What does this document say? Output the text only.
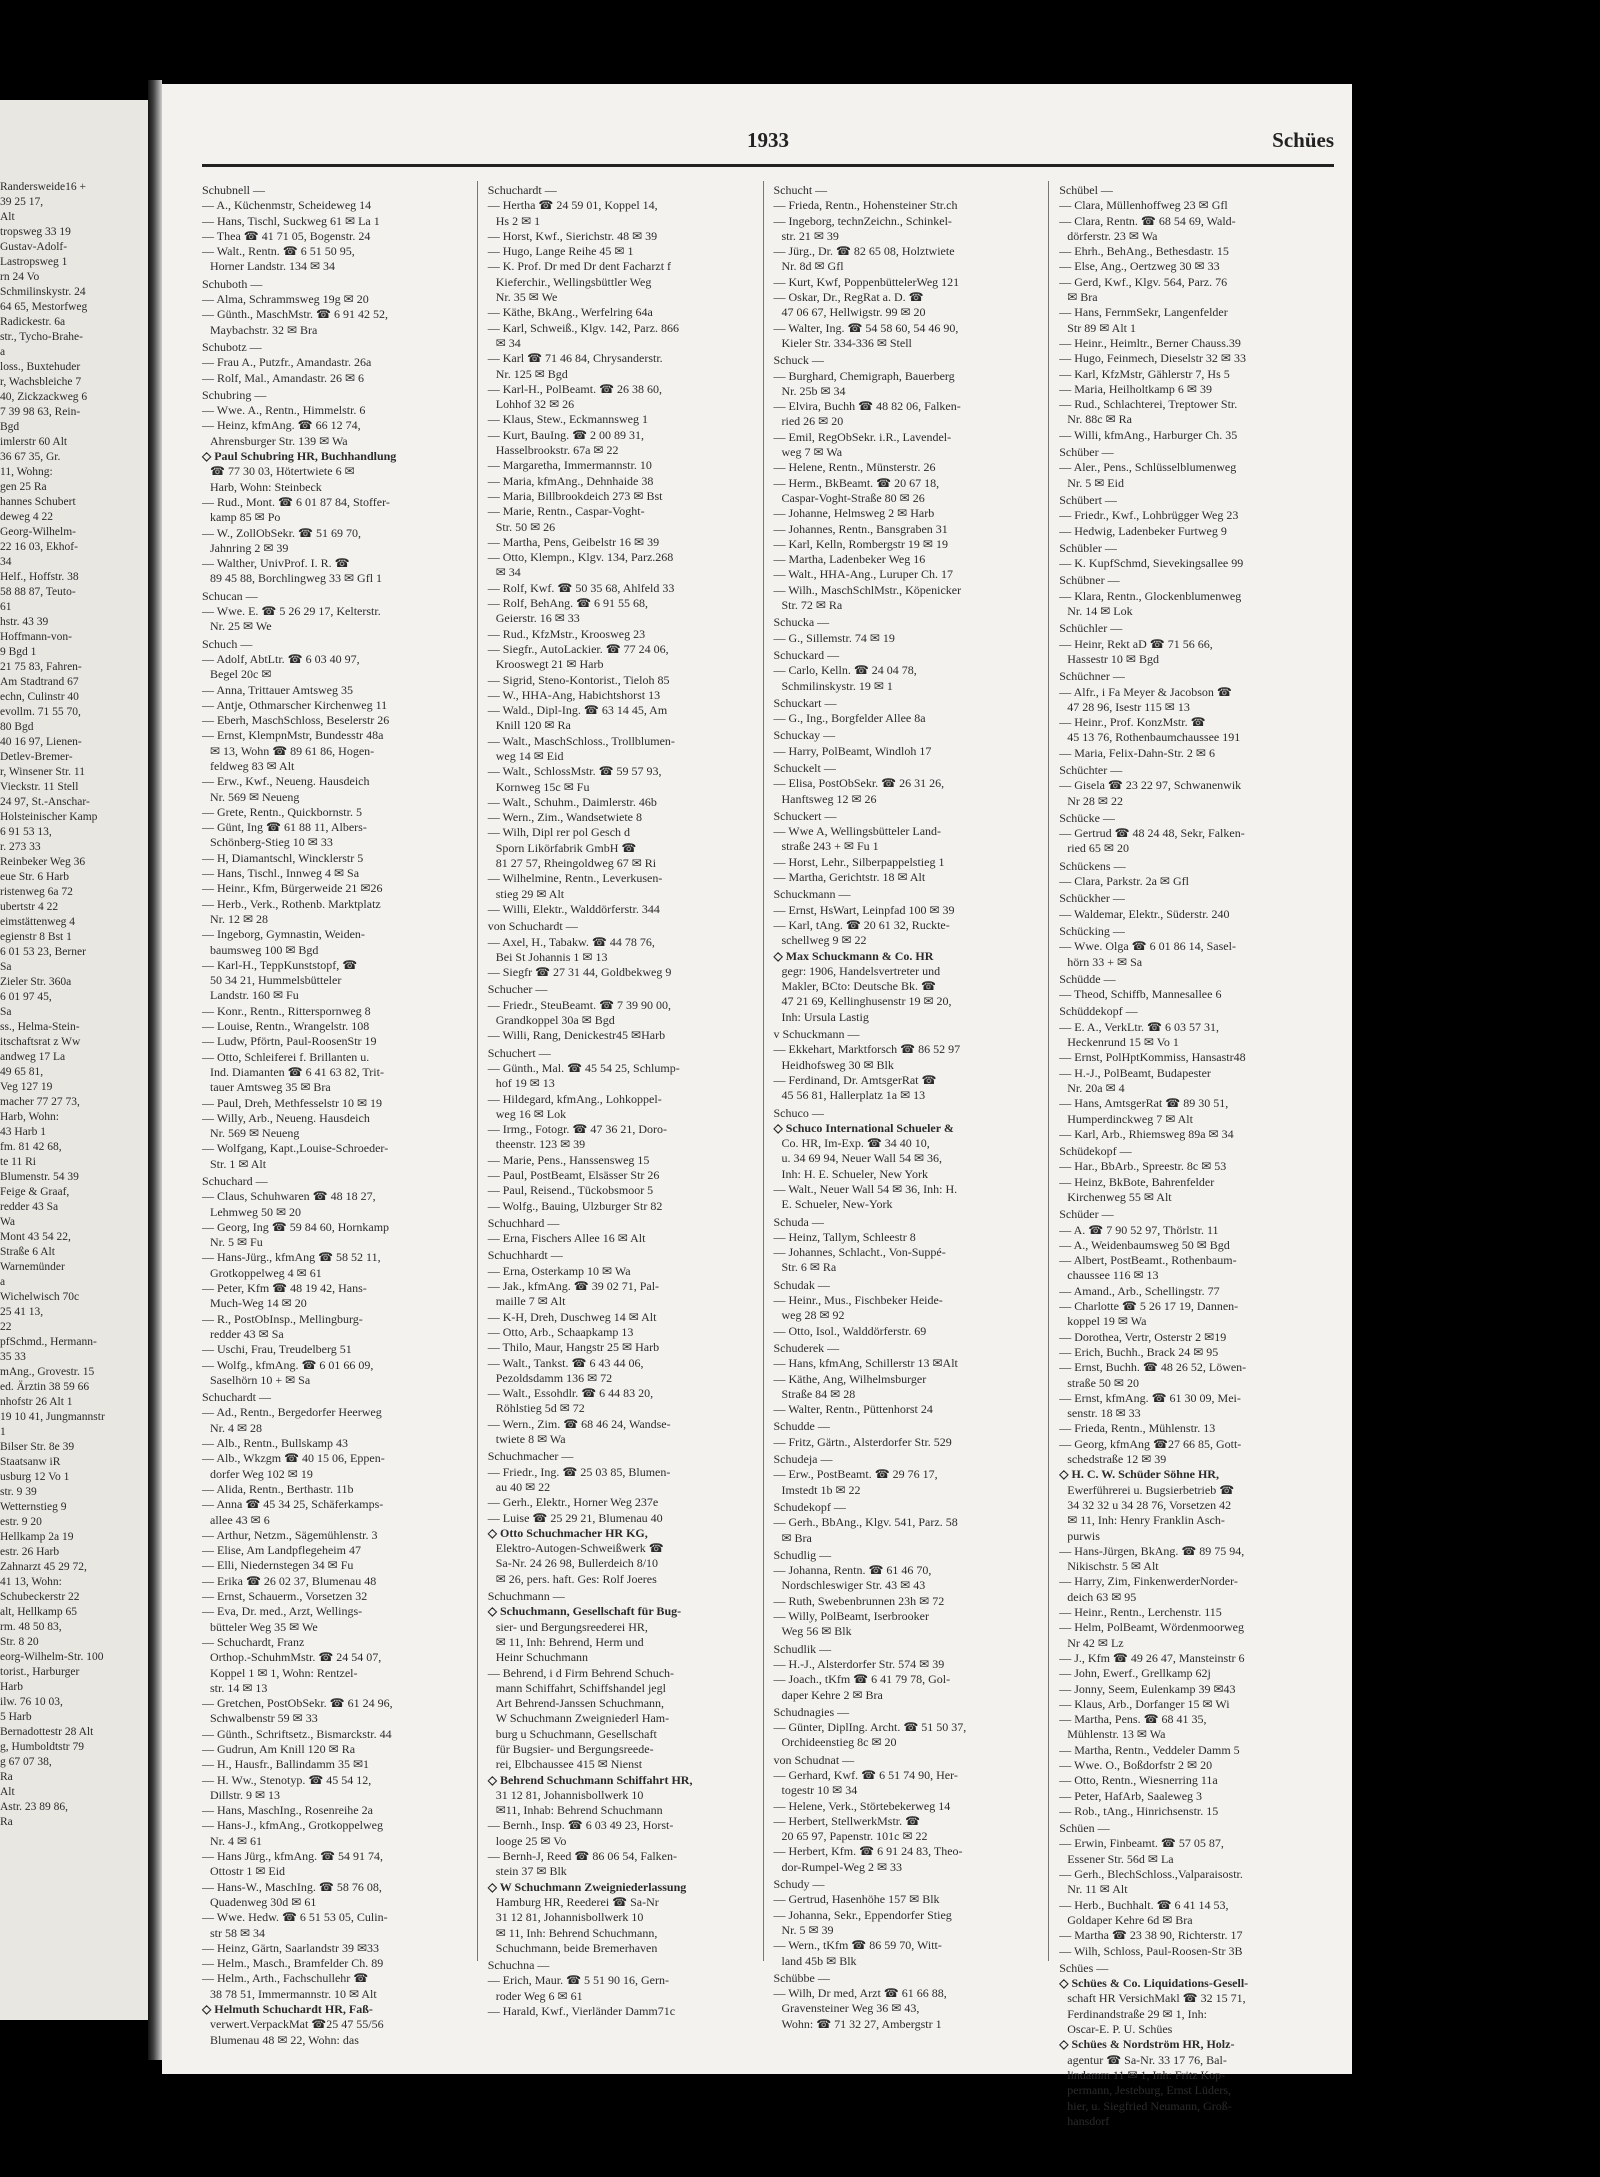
Randersweide16 +
39 25 17,
Alt
tropsweg 33 19
Gustav-Adolf-
Lastropsweg 1
rn 24 Vo
Schmilinskystr. 24
64 65, Mestorfweg
Radickestr. 6a
str., Tycho-Brahe-
a
loss., Buxtehuder
r, Wachsbleiche 7
40, Zickzackweg 6
7 39 98 63, Rein-
Bgd
imlerstr 60 Alt
36 67 35, Gr.
11, Wohng:
gen 25 Ra
hannes Schubert
deweg 4 22
Georg-Wilhelm-
22 16 03, Ekhof-
34
Helf., Hoffstr. 38
58 88 87, Teuto-
61
hstr. 43 39
Hoffmann-von-
9 Bgd 1
21 75 83, Fahren-
Am Stadtrand 67
echn, Culinstr 40
evollm. 71 55 70,
80 Bgd
40 16 97, Lienen-
Detlev-Bremer-
r, Winsener Str. 11
Vieckstr. 11 Stell
24 97, St.-Anschar-
Holsteinischer Kamp
6 91 53 13,
r. 273 33
Reinbeker Weg 36
eue Str. 6 Harb
ristenweg 6a 72
ubertstr 4 22
eimstättenweg 4
egienstr 8 Bst 1
6 01 53 23, Berner
Sa
Zieler Str. 360a
6 01 97 45,
Sa
ss., Helma-Stein-
itschaftsrat z Ww
andweg 17 La
49 65 81,
Veg 127 19
macher 77 27 73,
Harb, Wohn:
43 Harb 1
fm. 81 42 68,
te 11 Ri
Blumenstr. 54 39
Feige & Graaf,
redder 43 Sa
Wa
Mont 43 54 22,
Straße 6 Alt
Warnemünder
a
Wichelwisch 70c
25 41 13,
22
pfSchmd., Hermann-
35 33
mAng., Grovestr. 15
ed. Ärztin 38 59 66
nhofstr 26 Alt 1
19 10 41, Jungmannstr
1
Bilser Str. 8e 39
Staatsanw iR
usburg 12 Vo 1
str. 9 39
Wetternstieg 9
estr. 9 20
Hellkamp 2a 19
estr. 26 Harb
Zahnarzt 45 29 72,
41 13, Wohn:
Schubeckerstr 22
alt, Hellkamp 65
rm. 48 50 83,
Str. 8 20
eorg-Wilhelm-Str. 100
torist., Harburger
Harb
ilw. 76 10 03,
5 Harb
Bernadottestr 28 Alt
g, Humboldtstr 79
g 67 07 38,
Ra
Alt
Astr. 23 89 86,
Ra
1933	Schües
Schubnell —
— A., Küchenmstr, Scheideweg 14
— Hans, Tischl, Suckweg 61 ✉ La 1
— Thea ☎ 41 71 05, Bogenstr. 24
— Walt., Rentn. ☎ 6 51 50 95,
Horner Landstr. 134 ✉ 34
Schuboth —
— Alma, Schrammsweg 19g ✉ 20
— Günth., MaschMstr. ☎ 6 91 42 52,
Maybachstr. 32 ✉ Bra
Schubotz —
— Frau A., Putzfr., Amandastr. 26a
— Rolf, Mal., Amandastr. 26 ✉ 6
Schubring —
— Wwe. A., Rentn., Himmelstr. 6
— Heinz, kfmAng. ☎ 66 12 74,
Ahrensburger Str. 139 ✉ Wa
◇ Paul Schubring HR, Buchhandlung
☎ 77 30 03, Hötertwiete 6 ✉
Harb, Wohn: Steinbeck
— Rud., Mont. ☎ 6 01 87 84, Stoffer-
kamp 85 ✉ Po
— W., ZollObSekr. ☎ 51 69 70,
Jahnring 2 ✉ 39
— Walther, UnivProf. I. R. ☎
89 45 88, Borchlingweg 33 ✉ Gfl 1
Schucan —
— Wwe. E. ☎ 5 26 29 17, Kelterstr.
Nr. 25 ✉ We
Schuch —
— Adolf, AbtLtr. ☎ 6 03 40 97,
Begel 20c ✉
— Anna, Trittauer Amtsweg 35
— Antje, Othmarscher Kirchenweg 11
— Eberh, MaschSchloss, Beselerstr 26
— Ernst, KlempnMstr, Bundesstr 48a
✉ 13, Wohn ☎ 89 61 86, Hogen-
feldweg 83 ✉ Alt
— Erw., Kwf., Neueng. Hausdeich
Nr. 569 ✉ Neueng
— Grete, Rentn., Quickbornstr. 5
— Günt, Ing ☎ 61 88 11, Albers-
Schönberg-Stieg 10 ✉ 33
— H, Diamantschl, Wincklerstr 5
— Hans, Tischl., Innweg 4 ✉ Sa
— Heinr., Kfm, Bürgerweide 21 ✉26
— Herb., Verk., Rothenb. Marktplatz
Nr. 12 ✉ 28
— Ingeborg, Gymnastin, Weiden-
baumsweg 100 ✉ Bgd
— Karl-H., TeppKunststopf, ☎
50 34 21, Hummelsbütteler
Landstr. 160 ✉ Fu
— Konr., Rentn., Ritterspornweg 8
— Louise, Rentn., Wrangelstr. 108
— Ludw, Pförtn, Paul-RoosenStr 19
— Otto, Schleiferei f. Brillanten u.
Ind. Diamanten ☎ 6 41 63 82, Trit-
tauer Amtsweg 35 ✉ Bra
— Paul, Dreh, Methfesselstr 10 ✉ 19
— Willy, Arb., Neueng. Hausdeich
Nr. 569 ✉ Neueng
— Wolfgang, Kapt.,Louise-Schroeder-
Str. 1 ✉ Alt
Schuchard —
— Claus, Schuhwaren ☎ 48 18 27,
Lehmweg 50 ✉ 20
— Georg, Ing ☎ 59 84 60, Hornkamp
Nr. 5 ✉ Fu
— Hans-Jürg., kfmAng ☎ 58 52 11,
Grotkoppelweg 4 ✉ 61
— Peter, Kfm ☎ 48 19 42, Hans-
Much-Weg 14 ✉ 20
— R., PostObInsp., Mellingburg-
redder 43 ✉ Sa
— Uschi, Frau, Treudelberg 51
— Wolfg., kfmAng. ☎ 6 01 66 09,
Saselhörn 10 + ✉ Sa
Schuchardt —
— Ad., Rentn., Bergedorfer Heerweg
Nr. 4 ✉ 28
— Alb., Rentn., Bullskamp 43
— Alb., Wkzgm ☎ 40 15 06, Eppen-
dorfer Weg 102 ✉ 19
— Alida, Rentn., Berthastr. 11b
— Anna ☎ 45 34 25, Schäferkamps-
allee 43 ✉ 6
— Arthur, Netzm., Sägemühlenstr. 3
— Elise, Am Landpflegeheim 47
— Elli, Niedernstegen 34 ✉ Fu
— Erika ☎ 26 02 37, Blumenau 48
— Ernst, Schauerm., Vorsetzen 32
— Eva, Dr. med., Arzt, Wellings-
bütteler Weg 35 ✉ We
— Schuchardt, Franz
Orthop.-SchuhmMstr. ☎ 24 54 07,
Koppel 1 ✉ 1, Wohn: Rentzel-
str. 14 ✉ 13
— Gretchen, PostObSekr. ☎ 61 24 96,
Schwalbenstr 59 ✉ 33
— Günth., Schriftsetz., Bismarckstr. 44
— Gudrun, Am Knill 120 ✉ Ra
— H., Hausfr., Ballindamm 35 ✉1
— H. Ww., Stenotyp. ☎ 45 54 12,
Dillstr. 9 ✉ 13
— Hans, MaschIng., Rosenreihe 2a
— Hans-J., kfmAng., Grotkoppelweg
Nr. 4 ✉ 61
— Hans Jürg., kfmAng. ☎ 54 91 74,
Ottostr 1 ✉ Eid
— Hans-W., MaschIng. ☎ 58 76 08,
Quadenweg 30d ✉ 61
— Wwe. Hedw. ☎ 6 51 53 05, Culin-
str 58 ✉ 34
— Heinz, Gärtn, Saarlandstr 39 ✉33
— Helm., Masch., Bramfelder Ch. 89
— Helm., Arth., Fachschullehr ☎
38 78 51, Immermannstr. 10 ✉ Alt
◇ Helmuth Schuchardt HR, Faß-
verwert.VerpackMat ☎25 47 55/56
Blumenau 48 ✉ 22, Wohn: das
Schuchardt —
— Hertha ☎ 24 59 01, Koppel 14,
Hs 2 ✉ 1
— Horst, Kwf., Sierichstr. 48 ✉ 39
— Hugo, Lange Reihe 45 ✉ 1
— K. Prof. Dr med Dr dent Facharzt f
Kieferchir., Wellingsbüttler Weg
Nr. 35 ✉ We
— Käthe, BkAng., Werfelring 64a
— Karl, Schweiß., Klgv. 142, Parz. 866
✉ 34
— Karl ☎ 71 46 84, Chrysanderstr.
Nr. 125 ✉ Bgd
— Karl-H., PolBeamt. ☎ 26 38 60,
Lohhof 32 ✉ 26
— Klaus, Stew., Eckmannsweg 1
— Kurt, BauIng. ☎ 2 00 89 31,
Hasselbrookstr. 67a ✉ 22
— Margaretha, Immermannstr. 10
— Maria, kfmAng., Dehnhaide 38
— Maria, Billbrookdeich 273 ✉ Bst
— Marie, Rentn., Caspar-Voght-
Str. 50 ✉ 26
— Martha, Pens, Geibelstr 16 ✉ 39
— Otto, Klempn., Klgv. 134, Parz.268
✉ 34
— Rolf, Kwf. ☎ 50 35 68, Ahlfeld 33
— Rolf, BehAng. ☎ 6 91 55 68,
Geierstr. 16 ✉ 33
— Rud., KfzMstr., Kroosweg 23
— Siegfr., AutoLackier. ☎ 77 24 06,
Krooswegt 21 ✉ Harb
— Sigrid, Steno-Kontorist., Tieloh 85
— W., HHA-Ang, Habichtshorst 13
— Wald., Dipl-Ing. ☎ 63 14 45, Am
Knill 120 ✉ Ra
— Walt., MaschSchloss., Trollblumen-
weg 14 ✉ Eid
— Walt., SchlossMstr. ☎ 59 57 93,
Kornweg 15c ✉ Fu
— Walt., Schuhm., Daimlerstr. 46b
— Wern., Zim., Wandsetwiete 8
— Wilh, Dipl rer pol Gesch d
Sporn Likörfabrik GmbH ☎
81 27 57, Rheingoldweg 67 ✉ Ri
— Wilhelmine, Rentn., Leverkusen-
stieg 29 ✉ Alt
— Willi, Elektr., Walddörferstr. 344
von Schuchardt —
— Axel, H., Tabakw. ☎ 44 78 76,
Bei St Johannis 1 ✉ 13
— Siegfr ☎ 27 31 44, Goldbekweg 9
Schucher —
— Friedr., SteuBeamt. ☎ 7 39 90 00,
Grandkoppel 30a ✉ Bgd
— Willi, Rang, Denickestr45 ✉Harb
Schuchert —
— Günth., Mal. ☎ 45 54 25, Schlump-
hof 19 ✉ 13
— Hildegard, kfmAng., Lohkoppel-
weg 16 ✉ Lok
— Irmg., Fotogr. ☎ 47 36 21, Doro-
theenstr. 123 ✉ 39
— Marie, Pens., Hanssensweg 15
— Paul, PostBeamt, Elsässer Str 26
— Paul, Reisend., Tückobsmoor 5
— Wolfg., Bauing, Ulzburger Str 82
Schuchhard —
— Erna, Fischers Allee 16 ✉ Alt
Schuchhardt —
— Erna, Osterkamp 10 ✉ Wa
— Jak., kfmAng. ☎ 39 02 71, Pal-
maille 7 ✉ Alt
— K-H, Dreh, Duschweg 14 ✉ Alt
— Otto, Arb., Schaapkamp 13
— Thilo, Maur, Hangstr 25 ✉ Harb
— Walt., Tankst. ☎ 6 43 44 06,
Pezoldsdamm 136 ✉ 72
— Walt., Essohdlr. ☎ 6 44 83 20,
Röhlstieg 5d ✉ 72
— Wern., Zim. ☎ 68 46 24, Wandse-
twiete 8 ✉ Wa
Schuchmacher —
— Friedr., Ing. ☎ 25 03 85, Blumen-
au 40 ✉ 22
— Gerh., Elektr., Horner Weg 237e
— Luise ☎ 25 29 21, Blumenau 40
◇ Otto Schuchmacher HR KG,
Elektro-Autogen-Schweißwerk ☎
Sa-Nr. 24 26 98, Bullerdeich 8/10
✉ 26, pers. haft. Ges: Rolf Joeres
Schuchmann —
◇ Schuchmann, Gesellschaft für Bug-
sier- und Bergungsreederei HR,
✉ 11, Inh: Behrend, Herm und
Heinr Schuchmann
— Behrend, i d Firm Behrend Schuch-
mann Schiffahrt, Schiffshandel jegl
Art Behrend-Janssen Schuchmann,
W Schuchmann Zweigniederl Ham-
burg u Schuchmann, Gesellschaft
für Bugsier- und Bergungsreede-
rei, Elbchaussee 415 ✉ Nienst
◇ Behrend Schuchmann Schiffahrt HR,
31 12 81, Johannisbollwerk 10
✉11, Inhab: Behrend Schuchmann
— Bernh., Insp. ☎ 6 03 49 23, Horst-
looge 25 ✉ Vo
— Bernh-J, Reed ☎ 86 06 54, Falken-
stein 37 ✉ Blk
◇ W Schuchmann Zweigniederlassung
Hamburg HR, Reederei ☎ Sa-Nr
31 12 81, Johannisbollwerk 10
✉ 11, Inh: Behrend Schuchmann,
Schuchmann, beide Bremerhaven
Schuchna —
— Erich, Maur. ☎ 5 51 90 16, Gern-
roder Weg 6 ✉ 61
— Harald, Kwf., Vierländer Damm71c
Schucht —
— Frieda, Rentn., Hohensteiner Str.ch
— Ingeborg, technZeichn., Schinkel-
str. 21 ✉ 39
— Jürg., Dr. ☎ 82 65 08, Holztwiete
Nr. 8d ✉ Gfl
— Kurt, Kwf, PoppenbüttelerWeg 121
— Oskar, Dr., RegRat a. D. ☎
47 06 67, Hellwigstr. 99 ✉ 20
— Walter, Ing. ☎ 54 58 60, 54 46 90,
Kieler Str. 334-336 ✉ Stell
Schuck —
— Burghard, Chemigraph, Bauerberg
Nr. 25b ✉ 34
— Elvira, Buchh ☎ 48 82 06, Falken-
ried 26 ✉ 20
— Emil, RegObSekr. i.R., Lavendel-
weg 7 ✉ Wa
— Helene, Rentn., Münsterstr. 26
— Herm., BkBeamt. ☎ 20 67 18,
Caspar-Voght-Straße 80 ✉ 26
— Johanne, Helmsweg 2 ✉ Harb
— Johannes, Rentn., Bansgraben 31
— Karl, Kelln, Rombergstr 19 ✉ 19
— Martha, Ladenbeker Weg 16
— Walt., HHA-Ang., Luruper Ch. 17
— Wilh., MaschSchlMstr., Köpenicker
Str. 72 ✉ Ra
Schucka —
— G., Sillemstr. 74 ✉ 19
Schuckard —
— Carlo, Kelln. ☎ 24 04 78,
Schmilinskystr. 19 ✉ 1
Schuckart —
— G., Ing., Borgfelder Allee 8a
Schuckay —
— Harry, PolBeamt, Windloh 17
Schuckelt —
— Elisa, PostObSekr. ☎ 26 31 26,
Hanftsweg 12 ✉ 26
Schuckert —
— Wwe A, Wellingsbütteler Land-
straße 243 + ✉ Fu 1
— Horst, Lehr., Silberpappelstieg 1
— Martha, Gerichtstr. 18 ✉ Alt
Schuckmann —
— Ernst, HsWart, Leinpfad 100 ✉ 39
— Karl, tAng. ☎ 20 61 32, Ruckte-
schellweg 9 ✉ 22
◇ Max Schuckmann & Co. HR
gegr: 1906, Handelsvertreter und
Makler, BCto: Deutsche Bk. ☎
47 21 69, Kellinghusenstr 19 ✉ 20,
Inh: Ursula Lastig
v Schuckmann —
— Ekkehart, Marktforsch ☎ 86 52 97
Heidhofsweg 30 ✉ Blk
— Ferdinand, Dr. AmtsgerRat ☎
45 56 81, Hallerplatz 1a ✉ 13
Schuco —
◇ Schuco International Schueler &
Co. HR, Im-Exp. ☎ 34 40 10,
u. 34 69 94, Neuer Wall 54 ✉ 36,
Inh: H. E. Schueler, New York
— Walt., Neuer Wall 54 ✉ 36, Inh: H.
E. Schueler, New-York
Schuda —
— Heinz, Tallym, Schleestr 8
— Johannes, Schlacht., Von-Suppé-
Str. 6 ✉ Ra
Schudak —
— Heinr., Mus., Fischbeker Heide-
weg 28 ✉ 92
— Otto, Isol., Walddörferstr. 69
Schuderek —
— Hans, kfmAng, Schillerstr 13 ✉Alt
— Käthe, Ang, Wilhelmsburger
Straße 84 ✉ 28
— Walter, Rentn., Püttenhorst 24
Schudde —
— Fritz, Gärtn., Alsterdorfer Str. 529
Schudeja —
— Erw., PostBeamt. ☎ 29 76 17,
Imstedt 1b ✉ 22
Schudekopf —
— Gerh., BbAng., Klgv. 541, Parz. 58
✉ Bra
Schudlig —
— Johanna, Rentn. ☎ 61 46 70,
Nordschleswiger Str. 43 ✉ 43
— Ruth, Swebenbrunnen 23h ✉ 72
— Willy, PolBeamt, Iserbrooker
Weg 56 ✉ Blk
Schudlik —
— H.-J., Alsterdorfer Str. 574 ✉ 39
— Joach., tKfm ☎ 6 41 79 78, Gol-
daper Kehre 2 ✉ Bra
Schudnagies —
— Günter, DiplIng. Archt. ☎ 51 50 37,
Orchideenstieg 8c ✉ 20
von Schudnat —
— Gerhard, Kwf. ☎ 6 51 74 90, Her-
togestr 10 ✉ 34
— Helene, Verk., Störtebekerweg 14
— Herbert, StellwerkMstr. ☎
20 65 97, Papenstr. 101c ✉ 22
— Herbert, Kfm. ☎ 6 91 24 83, Theo-
dor-Rumpel-Weg 2 ✉ 33
Schudy —
— Gertrud, Hasenhöhe 157 ✉ Blk
— Johanna, Sekr., Eppendorfer Stieg
Nr. 5 ✉ 39
— Wern., tKfm ☎ 86 59 70, Witt-
land 45b ✉ Blk
Schübbe —
— Wilh, Dr med, Arzt ☎ 61 66 88,
Gravensteiner Weg 36 ✉ 43,
Wohn: ☎ 71 32 27, Ambergstr 1
Schübel —
— Clara, Müllenhoffweg 23 ✉ Gfl
— Clara, Rentn. ☎ 68 54 69, Wald-
dörferstr. 23 ✉ Wa
— Ehrh., BehAng., Bethesdastr. 15
— Else, Ang., Oertzweg 30 ✉ 33
— Gerd, Kwf., Klgv. 564, Parz. 76
✉ Bra
— Hans, FernmSekr, Langenfelder
Str 89 ✉ Alt 1
— Heinr., Heimltr., Berner Chauss.39
— Hugo, Feinmech, Dieselstr 32 ✉ 33
— Karl, KfzMstr, Gählerstr 7, Hs 5
— Maria, Heilholtkamp 6 ✉ 39
— Rud., Schlachterei, Treptower Str.
Nr. 88c ✉ Ra
— Willi, kfmAng., Harburger Ch. 35
Schüber —
— Aler., Pens., Schlüsselblumenweg
Nr. 5 ✉ Eid
Schübert —
— Friedr., Kwf., Lohbrügger Weg 23
— Hedwig, Ladenbeker Furtweg 9
Schübler —
— K. KupfSchmd, Sievekingsallee 99
Schübner —
— Klara, Rentn., Glockenblumenweg
Nr. 14 ✉ Lok
Schüchler —
— Heinr, Rekt aD ☎ 71 56 66,
Hassestr 10 ✉ Bgd
Schüchner —
— Alfr., i Fa Meyer & Jacobson ☎
47 28 96, Isestr 115 ✉ 13
— Heinr., Prof. KonzMstr. ☎
45 13 76, Rothenbaumchaussee 191
— Maria, Felix-Dahn-Str. 2 ✉ 6
Schüchter —
— Gisela ☎ 23 22 97, Schwanenwik
Nr 28 ✉ 22
Schücke —
— Gertrud ☎ 48 24 48, Sekr, Falken-
ried 65 ✉ 20
Schückens —
— Clara, Parkstr. 2a ✉ Gfl
Schückher —
— Waldemar, Elektr., Süderstr. 240
Schücking —
— Wwe. Olga ☎ 6 01 86 14, Sasel-
hörn 33 + ✉ Sa
Schüdde —
— Theod, Schiffb, Mannesallee 6
Schüddekopf —
— E. A., VerkLtr. ☎ 6 03 57 31,
Heckenrund 15 ✉ Vo 1
— Ernst, PolHptKommiss, Hansastr48
— H.-J., PolBeamt, Budapester
Nr. 20a ✉ 4
— Hans, AmtsgerRat ☎ 89 30 51,
Humperdinckweg 7 ✉ Alt
— Karl, Arb., Rhiemsweg 89a ✉ 34
Schüdekopf —
— Har., BbArb., Spreestr. 8c ✉ 53
— Heinz, BkBote, Bahrenfelder
Kirchenweg 55 ✉ Alt
Schüder —
— A. ☎ 7 90 52 97, Thörlstr. 11
— A., Weidenbaumsweg 50 ✉ Bgd
— Albert, PostBeamt., Rothenbaum-
chaussee 116 ✉ 13
— Amand., Arb., Schellingstr. 77
— Charlotte ☎ 5 26 17 19, Dannen-
koppel 19 ✉ Wa
— Dorothea, Vertr, Osterstr 2 ✉19
— Erich, Buchh., Brack 24 ✉ 95
— Ernst, Buchh. ☎ 48 26 52, Löwen-
straße 50 ✉ 20
— Ernst, kfmAng. ☎ 61 30 09, Mei-
senstr. 18 ✉ 33
— Frieda, Rentn., Mühlenstr. 13
— Georg, kfmAng ☎27 66 85, Gott-
schedstraße 12 ✉ 39
◇ H. C. W. Schüder Söhne HR,
Ewerführerei u. Bugsierbetrieb ☎
34 32 32 u 34 28 76, Vorsetzen 42
✉ 11, Inh: Henry Franklin Asch-
purwis
— Hans-Jürgen, BkAng. ☎ 89 75 94,
Nikischstr. 5 ✉ Alt
— Harry, Zim, FinkenwerderNorder-
deich 63 ✉ 95
— Heinr., Rentn., Lerchenstr. 115
— Helm, PolBeamt, Wördenmoorweg
Nr 42 ✉ Lz
— J., Kfm ☎ 49 26 47, Mansteinstr 6
— John, Ewerf., Grellkamp 62j
— Jonny, Seem, Eulenkamp 39 ✉43
— Klaus, Arb., Dorfanger 15 ✉ Wi
— Martha, Pens. ☎ 68 41 35,
Mühlenstr. 13 ✉ Wa
— Martha, Rentn., Veddeler Damm 5
— Wwe. O., Boßdorfstr 2 ✉ 20
— Otto, Rentn., Wiesnerring 11a
— Peter, HafArb, Saaleweg 3
— Rob., tAng., Hinrichsenstr. 15
Schüen —
— Erwin, Finbeamt. ☎ 57 05 87,
Essener Str. 56d ✉ La
— Gerh., BlechSchloss.,Valparaisostr.
Nr. 11 ✉ Alt
— Herb., Buchhalt. ☎ 6 41 14 53,
Goldaper Kehre 6d ✉ Bra
— Martha ☎ 23 38 90, Richterstr. 17
— Wilh, Schloss, Paul-Roosen-Str 3B
Schües —
◇ Schües & Co. Liquidations-Gesell-
schaft HR VersichMakl ☎ 32 15 71,
Ferdinandstraße 29 ✉ 1, Inh:
Oscar-E. P. U. Schües
◇ Schües & Nordström HR, Holz-
agentur ☎ Sa-Nr. 33 17 76, Bal-
lindamm 11 ✉ 1, Inh: Fritz Kop-
permann, Jesteburg, Ernst Lüders,
hier, u. Siegfried Neumann, Groß-
hansdorf
